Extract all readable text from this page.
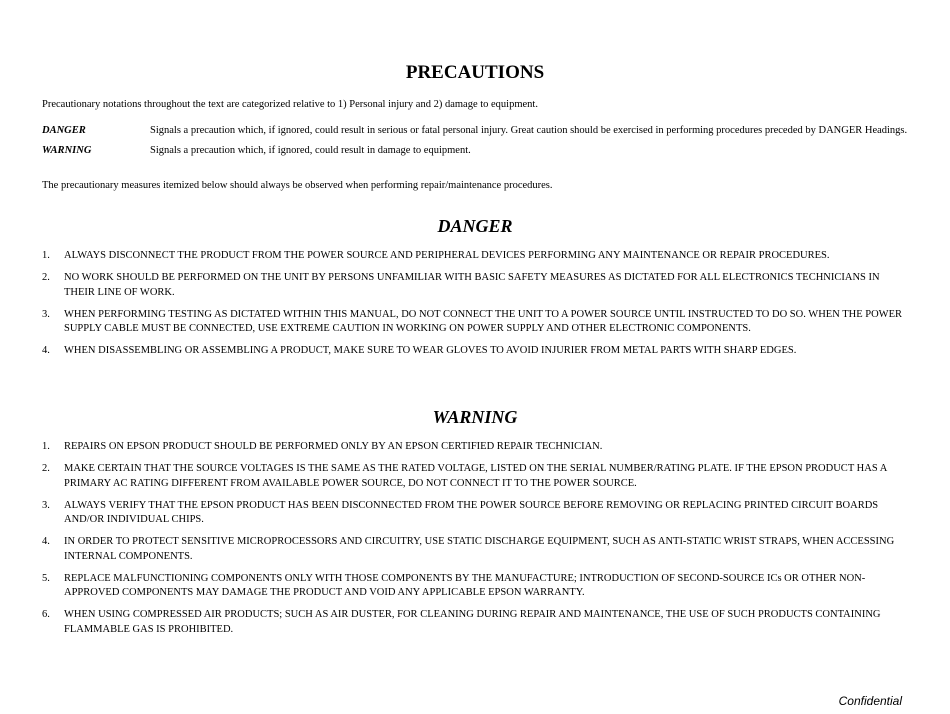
PRECAUTIONS
Precautionary notations throughout the text are categorized relative to 1) Personal injury and 2) damage to equipment.
DANGER	Signals a precaution which, if ignored, could result in serious or fatal personal injury. Great caution should be exercised in performing procedures preceded by DANGER Headings.
WARNING	Signals a precaution which, if ignored, could result in damage to equipment.
The precautionary measures itemized below should always be observed when performing repair/maintenance procedures.
DANGER
1.	ALWAYS DISCONNECT THE PRODUCT FROM THE POWER SOURCE AND PERIPHERAL DEVICES PERFORMING ANY MAINTENANCE OR REPAIR PROCEDURES.
2.	NO WORK SHOULD BE PERFORMED ON THE UNIT BY PERSONS UNFAMILIAR WITH BASIC SAFETY MEASURES AS DICTATED FOR ALL ELECTRONICS TECHNICIANS IN THEIR LINE OF WORK.
3.	WHEN PERFORMING TESTING AS DICTATED WITHIN THIS MANUAL, DO NOT CONNECT THE UNIT TO A POWER SOURCE UNTIL INSTRUCTED TO DO SO. WHEN THE POWER SUPPLY CABLE MUST BE CONNECTED, USE EXTREME CAUTION IN WORKING ON POWER SUPPLY AND OTHER ELECTRONIC COMPONENTS.
4.	WHEN DISASSEMBLING OR ASSEMBLING A PRODUCT, MAKE SURE TO WEAR GLOVES TO AVOID INJURIER FROM METAL PARTS WITH SHARP EDGES.
WARNING
1.	REPAIRS ON EPSON PRODUCT SHOULD BE PERFORMED ONLY BY AN EPSON CERTIFIED REPAIR TECHNICIAN.
2.	MAKE CERTAIN THAT THE SOURCE VOLTAGES IS THE SAME AS THE RATED VOLTAGE, LISTED ON THE SERIAL NUMBER/RATING PLATE. IF THE EPSON PRODUCT HAS A PRIMARY AC RATING DIFFERENT FROM AVAILABLE POWER SOURCE, DO NOT CONNECT IT TO THE POWER SOURCE.
3.	ALWAYS VERIFY THAT THE EPSON PRODUCT HAS BEEN DISCONNECTED FROM THE POWER SOURCE BEFORE REMOVING OR REPLACING PRINTED CIRCUIT BOARDS AND/OR INDIVIDUAL CHIPS.
4.	IN ORDER TO PROTECT SENSITIVE MICROPROCESSORS AND CIRCUITRY, USE STATIC DISCHARGE EQUIPMENT, SUCH AS ANTI-STATIC WRIST STRAPS, WHEN ACCESSING INTERNAL COMPONENTS.
5.	REPLACE MALFUNCTIONING COMPONENTS ONLY WITH THOSE COMPONENTS BY THE MANUFACTURE; INTRODUCTION OF SECOND-SOURCE ICs OR OTHER NON-APPROVED COMPONENTS MAY DAMAGE THE PRODUCT AND VOID ANY APPLICABLE EPSON WARRANTY.
6.	WHEN USING COMPRESSED AIR PRODUCTS; SUCH AS AIR DUSTER, FOR CLEANING DURING REPAIR AND MAINTENANCE, THE USE OF SUCH PRODUCTS CONTAINING FLAMMABLE GAS IS PROHIBITED.
Confidential
